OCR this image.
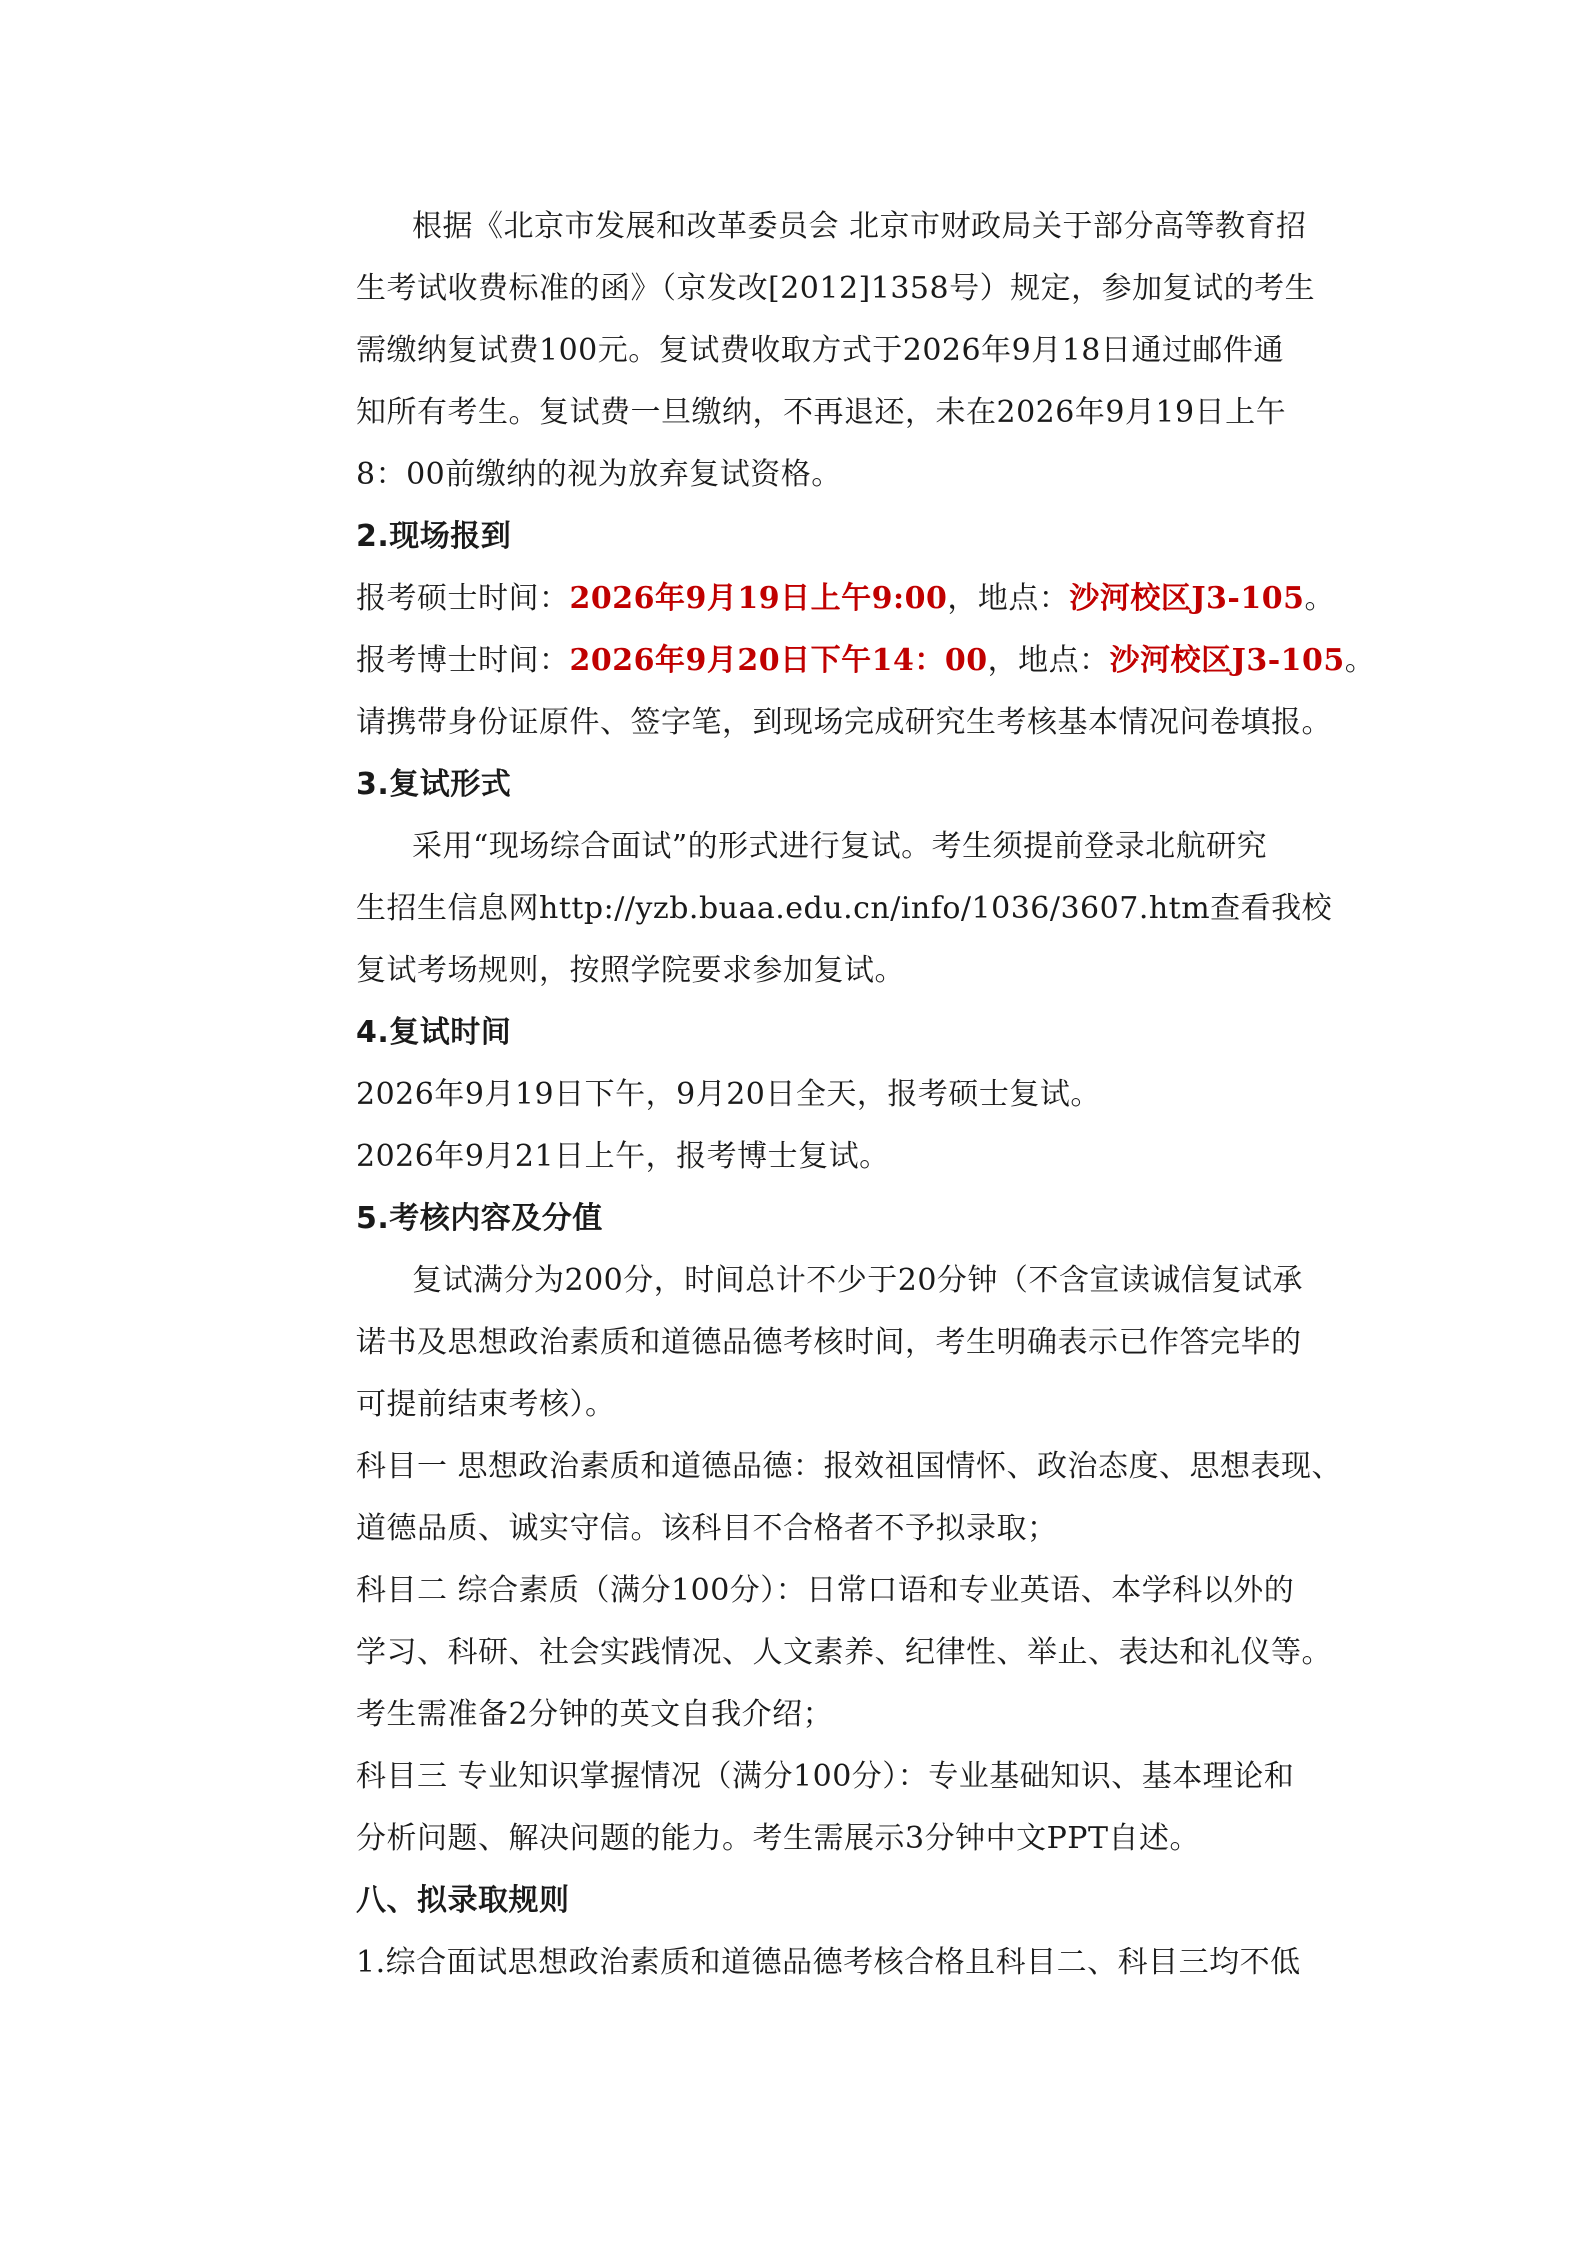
根据《北京市发展和改革委员会 北京市财政局关于部分高等教育招
生考试收费标准的函》（京发改[2012]1358号）规定，参加复试的考生
需缴纳复试费100元。复试费收取方式于2026年9月18日通过邮件通
知所有考生。复试费一旦缴纳，不再退还，未在2026年9月19日上午
8：00前缴纳的视为放弃复试资格。
2.现场报到
报考硕士时间：2026年9月19日上午9:00，地点：沙河校区J3-105。
报考博士时间：2026年9月20日下午14：00，地点：沙河校区J3-105。
请携带身份证原件、签字笔，到现场完成研究生考核基本情况问卷填报。
3.复试形式
采用“现场综合面试”的形式进行复试。考生须提前登录北航研究
生招生信息网http://yzb.buaa.edu.cn/info/1036/3607.htm查看我校
复试考场规则，按照学院要求参加复试。
4.复试时间
2026年9月19日下午，9月20日全天，报考硕士复试。
2026年9月21日上午，报考博士复试。
5.考核内容及分值
复试满分为200分，时间总计不少于20分钟（不含宣读诚信复试承
诺书及思想政治素质和道德品德考核时间，考生明确表示已作答完毕的
可提前结束考核）。
科目一 思想政治素质和道德品德：报效祖国情怀、政治态度、思想表现、
道德品质、诚实守信。该科目不合格者不予拟录取；
科目二 综合素质（满分100分）：日常口语和专业英语、本学科以外的
学习、科研、社会实践情况、人文素养、纪律性、举止、表达和礼仪等。
考生需准备2分钟的英文自我介绍；
科目三 专业知识掌握情况（满分100分）：专业基础知识、基本理论和
分析问题、解决问题的能力。考生需展示3分钟中文PPT自述。
八、拟录取规则
1.综合面试思想政治素质和道德品德考核合格且科目二、科目三均不低
